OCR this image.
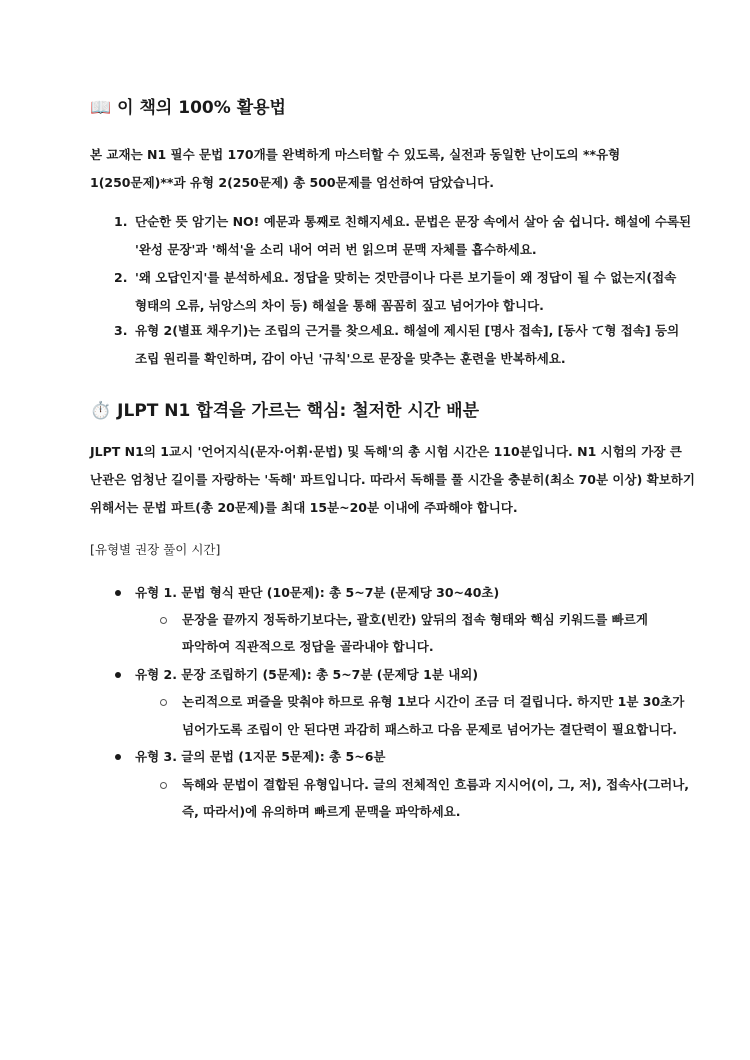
📖 이 책의 100% 활용법
본 교재는 N1 필수 문법 170개를 완벽하게 마스터할 수 있도록, 실전과 동일한 난이도의 **유형
1(250문제)**과 유형 2(250문제) 총 500문제를 엄선하여 담았습니다.
1. 단순한 뜻 암기는 NO! 예문과 통째로 친해지세요. 문법은 문장 속에서 살아 숨 쉽니다. 해설에 수록된
'완성 문장'과 '해석'을 소리 내어 여러 번 읽으며 문맥 자체를 흡수하세요.
2. '왜 오답인지'를 분석하세요. 정답을 맞히는 것만큼이나 다른 보기들이 왜 정답이 될 수 없는지(접속
형태의 오류, 뉘앙스의 차이 등) 해설을 통해 꼼꼼히 짚고 넘어가야 합니다.
3. 유형 2(별표 채우기)는 조립의 근거를 찾으세요. 해설에 제시된 [명사 접속], [동사 て형 접속] 등의
조립 원리를 확인하며, 감이 아닌 '규칙'으로 문장을 맞추는 훈련을 반복하세요.
⏱️ JLPT N1 합격을 가르는 핵심: 철저한 시간 배분
JLPT N1의 1교시 '언어지식(문자·어휘·문법) 및 독해'의 총 시험 시간은 110분입니다. N1 시험의 가장 큰
난관은 엄청난 길이를 자랑하는 '독해' 파트입니다. 따라서 독해를 풀 시간을 충분히(최소 70분 이상) 확보하기
위해서는 문법 파트(총 20문제)를 최대 15분~20분 이내에 주파해야 합니다.
[유형별 권장 풀이 시간]
유형 1. 문법 형식 판단 (10문제): 총 5~7분 (문제당 30~40초)
문장을 끝까지 정독하기보다는, 괄호(빈칸) 앞뒤의 접속 형태와 핵심 키워드를 빠르게
파악하여 직관적으로 정답을 골라내야 합니다.
유형 2. 문장 조립하기 (5문제): 총 5~7분 (문제당 1분 내외)
논리적으로 퍼즐을 맞춰야 하므로 유형 1보다 시간이 조금 더 걸립니다. 하지만 1분 30초가
넘어가도록 조립이 안 된다면 과감히 패스하고 다음 문제로 넘어가는 결단력이 필요합니다.
유형 3. 글의 문법 (1지문 5문제): 총 5~6분
독해와 문법이 결합된 유형입니다. 글의 전체적인 흐름과 지시어(이, 그, 저), 접속사(그러나,
즉, 따라서)에 유의하며 빠르게 문맥을 파악하세요.
